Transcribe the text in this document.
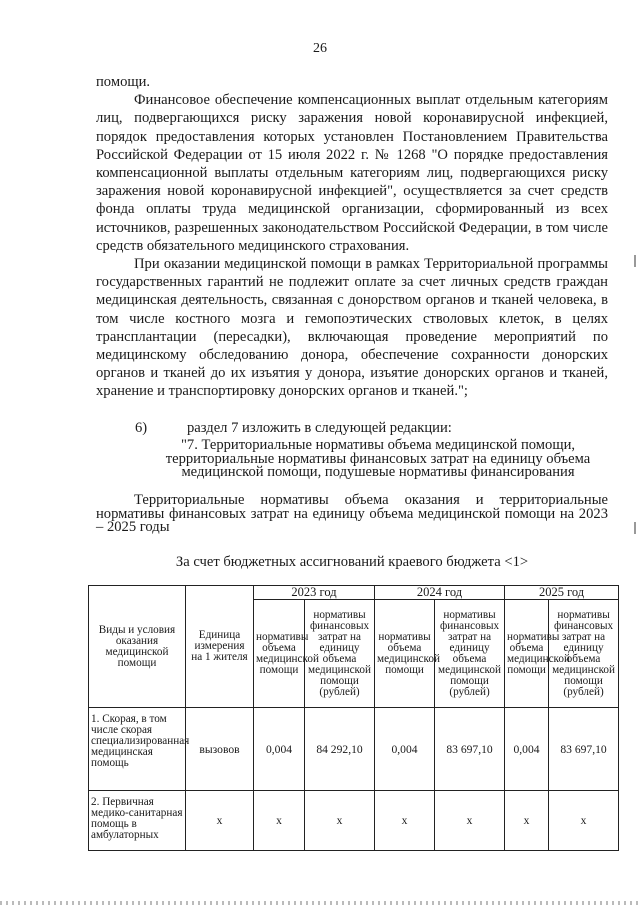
26

помощи.

Финансовое обеспечение компенсационных выплат отдельным категориям лиц, подвергающихся риску заражения новой коронавирусной инфекцией, порядок предоставления которых установлен Постановлением Правительства Российской Федерации от 15 июля 2022 г. № 1268 "О порядке предоставления компенсационной выплаты отдельным категориям лиц, подвергающихся риску заражения новой коронавирусной инфекцией", осуществляется за счет средств фонда оплаты труда медицинской организации, сформированный из всех источников, разрешенных законодательством Российской Федерации, в том числе средств обязательного медицинского страхования.

При оказании медицинской помощи в рамках Территориальной программы государственных гарантий не подлежит оплате за счет личных средств граждан медицинская деятельность, связанная с донорством органов и тканей человека, в том числе костного мозга и гемопоэтических стволовых клеток, в целях трансплантации (пересадки), включающая проведение мероприятий по медицинскому обследованию донора, обеспечение сохранности донорских органов и тканей до их изъятия у донора, изъятие донорских органов и тканей, хранение и транспортировку донорских органов и тканей.";

6)	раздел 7 изложить в следующей редакции:
"7. Территориальные нормативы объема медицинской помощи, территориальные нормативы финансовых затрат на единицу объема медицинской помощи, подушевые нормативы финансирования
Территориальные нормативы объема оказания и территориальные нормативы финансовых затрат на единицу объема медицинской помощи на 2023 – 2025 годы
За счет бюджетных ассигнований краевого бюджета <1>
Виды и условия оказания медицинской помощи	Единица измерения на 1 жителя	2023 год		2024 год		2025 год	
		нормативы объема медицинской помощи	нормативы финансовых затрат на единицу объема медицинской помощи (рублей)	нормативы объема медицинской помощи	нормативы финансовых затрат на единицу объема медицинской помощи (рублей)	нормативы объема медицинской помощи	нормативы финансовых затрат на единицу объема медицинской помощи (рублей)
1. Скорая, в том числе скорая специализированная медицинская помощь	вызовов	0,004	84 292,10	0,004	83 697,10	0,004	83 697,10
2. Первичная медико-санитарная помощь в амбулаторных	x	x	x	x	x	x	x
